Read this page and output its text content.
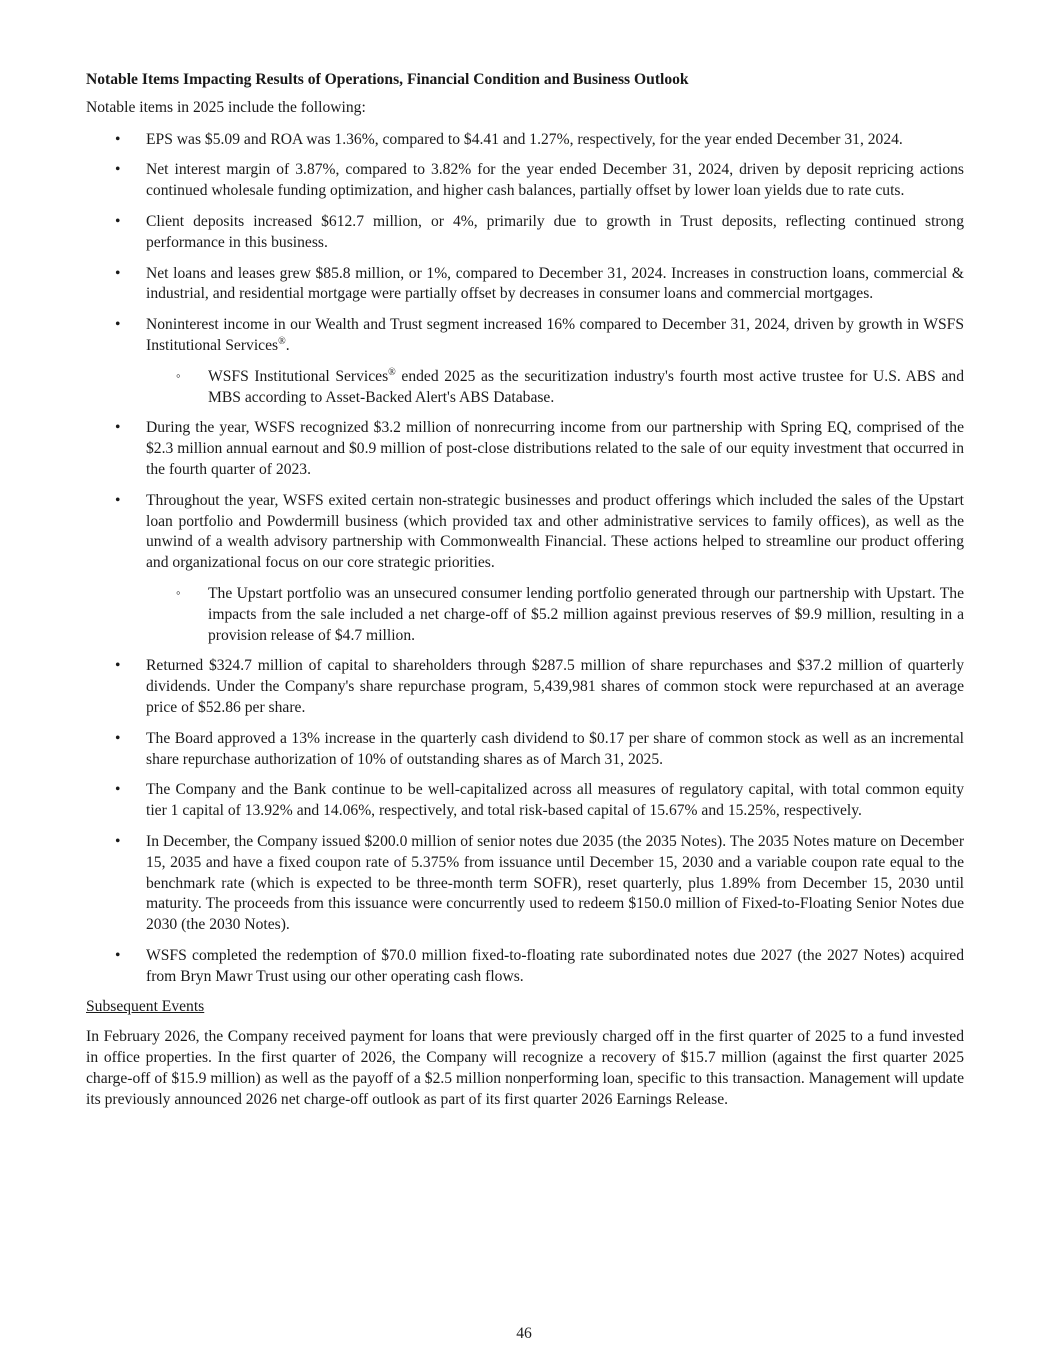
Notable Items Impacting Results of Operations, Financial Condition and Business Outlook

Notable items in 2025 include the following:

• EPS was $5.09 and ROA was 1.36%, compared to $4.41 and 1.27%, respectively, for the year ended December 31, 2024.
• Net interest margin of 3.87%, compared to 3.82% for the year ended December 31, 2024, driven by deposit repricing actions continued wholesale funding optimization, and higher cash balances, partially offset by lower loan yields due to rate cuts.
• Client deposits increased $612.7 million, or 4%, primarily due to growth in Trust deposits, reflecting continued strong performance in this business.
• Net loans and leases grew $85.8 million, or 1%, compared to December 31, 2024. Increases in construction loans, commercial & industrial, and residential mortgage were partially offset by decreases in consumer loans and commercial mortgages.
• Noninterest income in our Wealth and Trust segment increased 16% compared to December 31, 2024, driven by growth in WSFS Institutional Services®.
◦ WSFS Institutional Services® ended 2025 as the securitization industry's fourth most active trustee for U.S. ABS and MBS according to Asset-Backed Alert's ABS Database.
• During the year, WSFS recognized $3.2 million of nonrecurring income from our partnership with Spring EQ, comprised of the $2.3 million annual earnout and $0.9 million of post-close distributions related to the sale of our equity investment that occurred in the fourth quarter of 2023.
• Throughout the year, WSFS exited certain non-strategic businesses and product offerings which included the sales of the Upstart loan portfolio and Powdermill business (which provided tax and other administrative services to family offices), as well as the unwind of a wealth advisory partnership with Commonwealth Financial. These actions helped to streamline our product offering and organizational focus on our core strategic priorities.
◦ The Upstart portfolio was an unsecured consumer lending portfolio generated through our partnership with Upstart. The impacts from the sale included a net charge-off of $5.2 million against previous reserves of $9.9 million, resulting in a provision release of $4.7 million.
• Returned $324.7 million of capital to shareholders through $287.5 million of share repurchases and $37.2 million of quarterly dividends. Under the Company's share repurchase program, 5,439,981 shares of common stock were repurchased at an average price of $52.86 per share.
• The Board approved a 13% increase in the quarterly cash dividend to $0.17 per share of common stock as well as an incremental share repurchase authorization of 10% of outstanding shares as of March 31, 2025.
• The Company and the Bank continue to be well-capitalized across all measures of regulatory capital, with total common equity tier 1 capital of 13.92% and 14.06%, respectively, and total risk-based capital of 15.67% and 15.25%, respectively.
• In December, the Company issued $200.0 million of senior notes due 2035 (the 2035 Notes). The 2035 Notes mature on December 15, 2035 and have a fixed coupon rate of 5.375% from issuance until December 15, 2030 and a variable coupon rate equal to the benchmark rate (which is expected to be three-month term SOFR), reset quarterly, plus 1.89% from December 15, 2030 until maturity. The proceeds from this issuance were concurrently used to redeem $150.0 million of Fixed-to-Floating Senior Notes due 2030 (the 2030 Notes).
• WSFS completed the redemption of $70.0 million fixed-to-floating rate subordinated notes due 2027 (the 2027 Notes) acquired from Bryn Mawr Trust using our other operating cash flows.

Subsequent Events

In February 2026, the Company received payment for loans that were previously charged off in the first quarter of 2025 to a fund invested in office properties. In the first quarter of 2026, the Company will recognize a recovery of $15.7 million (against the first quarter 2025 charge-off of $15.9 million) as well as the payoff of a $2.5 million nonperforming loan, specific to this transaction. Management will update its previously announced 2026 net charge-off outlook as part of its first quarter 2026 Earnings Release.

46
